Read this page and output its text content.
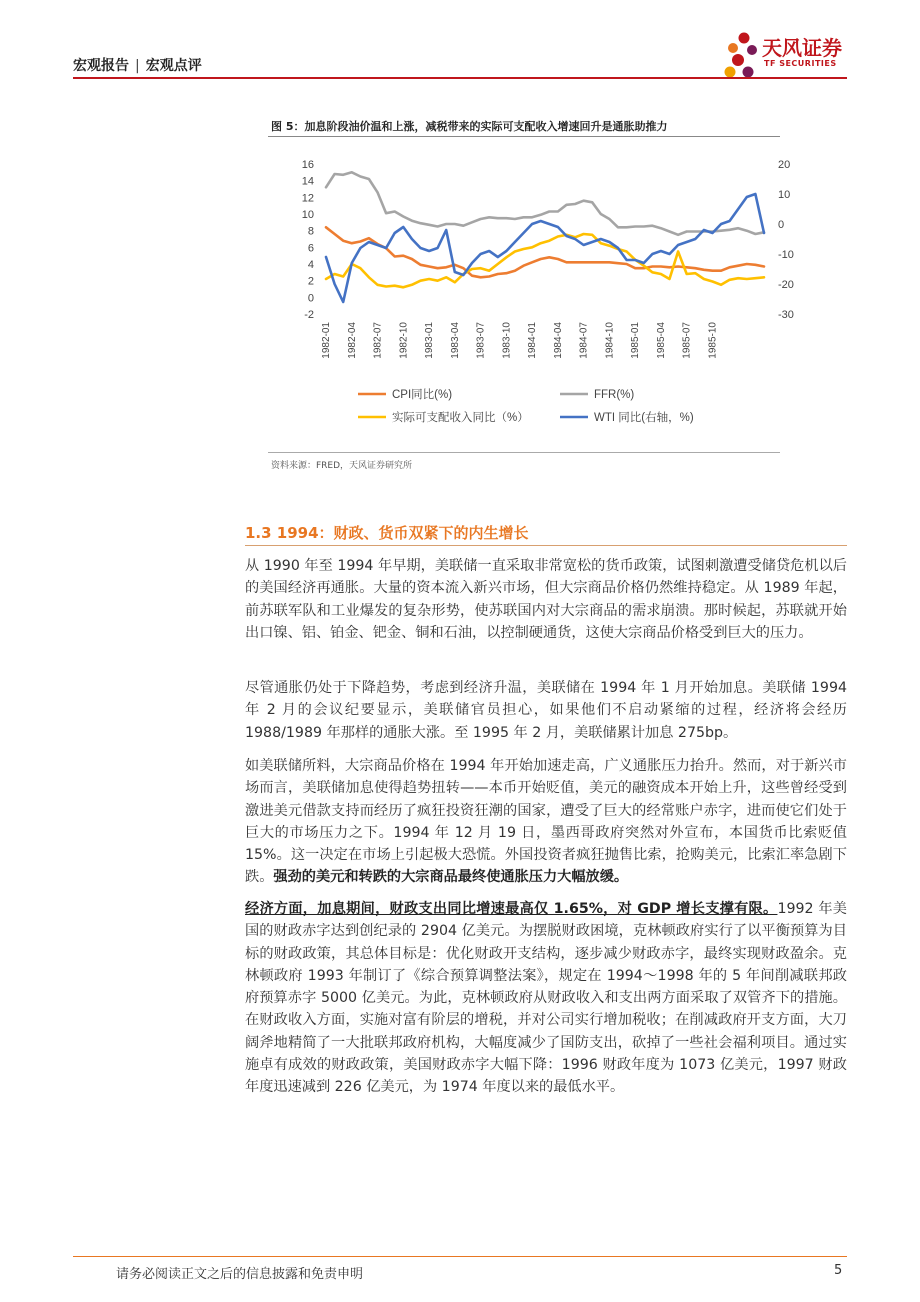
宏观报告 | 宏观点评
天风证券
TF SECURITIES
图 5：加息阶段油价温和上涨，减税带来的实际可支配收入增速回升是通胀助推力
-2
0
2
4
6
8
10
12
14
16
-30
-20
-10
0
10
20
1982-01 1982-04 1982-07 1982-10 1983-01 1983-04 1983-07 1983-10 1984-01 1984-04 1984-07 1984-10 1985-01 1985-04 1985-07 1985-10
CPI同比(%)	FFR(%)
实际可支配收入同比（%）	WTI 同比(右轴，%)
资料来源：FRED，天风证券研究所
1.3 1994：财政、货币双紧下的内生增长

从 1990 年至 1994 年早期，美联储一直采取非常宽松的货币政策，试图刺激遭受储贷危机以后的美国经济再通胀。大量的资本流入新兴市场，但大宗商品价格仍然维持稳定。从 1989 年起，前苏联军队和工业爆发的复杂形势，使苏联国内对大宗商品的需求崩溃。那时候起，苏联就开始出口镍、铝、铂金、钯金、铜和石油，以控制硬通货，这使大宗商品价格受到巨大的压力。

尽管通胀仍处于下降趋势，考虑到经济升温，美联储在 1994 年 1 月开始加息。美联储 1994 年 2 月的会议纪要显示，美联储官员担心，如果他们不启动紧缩的过程，经济将会经历 1988/1989 年那样的通胀大涨。至 1995 年 2 月，美联储累计加息 275bp。

如美联储所料，大宗商品价格在 1994 年开始加速走高，广义通胀压力抬升。然而，对于新兴市场而言，美联储加息使得趋势扭转——本币开始贬值，美元的融资成本开始上升，这些曾经受到激进美元借款支持而经历了疯狂投资狂潮的国家，遭受了巨大的经常账户赤字，进而使它们处于巨大的市场压力之下。1994 年 12 月 19 日，墨西哥政府突然对外宣布，本国货币比索贬值 15%。这一决定在市场上引起极大恐慌。外国投资者疯狂抛售比索，抢购美元，比索汇率急剧下跌。强劲的美元和转跌的大宗商品最终使通胀压力大幅放缓。

经济方面，加息期间，财政支出同比增速最高仅 1.65%，对 GDP 增长支撑有限。1992 年美国的财政赤字达到创纪录的 2904 亿美元。为摆脱财政困境，克林顿政府实行了以平衡预算为目标的财政政策，其总体目标是：优化财政开支结构，逐步减少财政赤字，最终实现财政盈余。克林顿政府 1993 年制订了《综合预算调整法案》，规定在 1994～1998 年的 5 年间削减联邦政府预算赤字 5000 亿美元。为此，克林顿政府从财政收入和支出两方面采取了双管齐下的措施。在财政收入方面，实施对富有阶层的增税，并对公司实行增加税收；在削减政府开支方面，大刀阔斧地精简了一大批联邦政府机构，大幅度减少了国防支出，砍掉了一些社会福利项目。通过实施卓有成效的财政政策，美国财政赤字大幅下降：1996 财政年度为 1073 亿美元，1997 财政年度迅速减到 226 亿美元，为 1974 年度以来的最低水平。

请务必阅读正文之后的信息披露和免责申明	5
